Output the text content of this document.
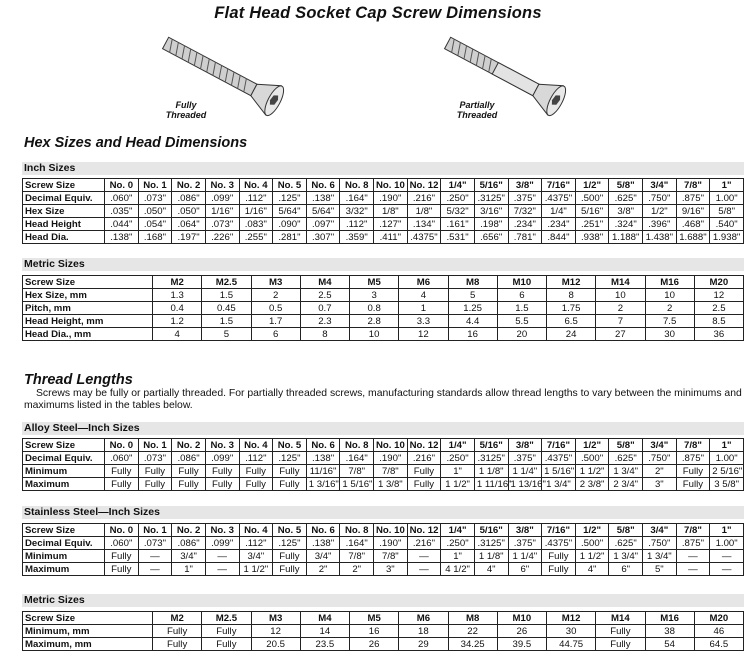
Flat Head Socket Cap Screw Dimensions
Fully Threaded
Partially Threaded
Hex Sizes and Head Dimensions
Inch Sizes
Screw Size	No. 0	No. 1	No. 2	No. 3	No. 4	No. 5	No. 6	No. 8	No. 10	No. 12	1/4"	5/16"	3/8"	7/16"	1/2"	5/8"	3/4"	7/8"	1"
Decimal Equiv.	.060"	.073"	.086"	.099"	.112"	.125"	.138"	.164"	.190"	.216"	.250"	.3125"	.375"	.4375"	.500"	.625"	.750"	.875"	1.00"
Hex Size	.035"	.050"	.050"	1/16"	1/16"	5/64"	5/64"	3/32"	1/8"	1/8"	5/32"	3/16"	7/32"	1/4"	5/16"	3/8"	1/2"	9/16"	5/8"
Head Height	.044"	.054"	.064"	.073"	.083"	.090"	.097"	.112"	.127"	.134"	.161"	.198"	.234"	.234"	.251"	.324"	.396"	.468"	.540"
Head Dia.	.138"	.168"	.197"	.226"	.255"	.281"	.307"	.359"	.411"	.4375"	.531"	.656"	.781"	.844"	.938"	1.188"	1.438"	1.688"	1.938"
Metric Sizes
Screw Size	M2	M2.5	M3	M4	M5	M6	M8	M10	M12	M14	M16	M20
Hex Size, mm	1.3	1.5	2	2.5	3	4	5	6	8	10	10	12
Pitch, mm	0.4	0.45	0.5	0.7	0.8	1	1.25	1.5	1.75	2	2	2.5
Head Height, mm	1.2	1.5	1.7	2.3	2.8	3.3	4.4	5.5	6.5	7	7.5	8.5
Head Dia., mm	4	5	6	8	10	12	16	20	24	27	30	36
Thread Lengths
Screws may be fully or partially threaded. For partially threaded screws, manufacturing standards allow thread lengths to vary between the minimums and maximums listed in the tables below.
Alloy Steel—Inch Sizes
Screw Size	No. 0	No. 1	No. 2	No. 3	No. 4	No. 5	No. 6	No. 8	No. 10	No. 12	1/4"	5/16"	3/8"	7/16"	1/2"	5/8"	3/4"	7/8"	1"
Decimal Equiv.	.060"	.073"	.086"	.099"	.112"	.125"	.138"	.164"	.190"	.216"	.250"	.3125"	.375"	.4375"	.500"	.625"	.750"	.875"	1.00"
Minimum	Fully	Fully	Fully	Fully	Fully	Fully	11/16"	7/8"	7/8"	Fully	1"	1 1/8"	1 1/4"	1 5/16"	1 1/2"	1 3/4"	2"	Fully	2 5/16"
Maximum	Fully	Fully	Fully	Fully	Fully	Fully	1 3/16"	1 5/16"	1 3/8"	Fully	1 1/2"	1 11/16"	1 13/16"	1 3/4"	2 3/8"	2 3/4"	3"	Fully	3 5/8"
Stainless Steel—Inch Sizes
Screw Size	No. 0	No. 1	No. 2	No. 3	No. 4	No. 5	No. 6	No. 8	No. 10	No. 12	1/4"	5/16"	3/8"	7/16"	1/2"	5/8"	3/4"	7/8"	1"
Decimal Equiv.	.060"	.073"	.086"	.099"	.112"	.125"	.138"	.164"	.190"	.216"	.250"	.3125"	.375"	.4375"	.500"	.625"	.750"	.875"	1.00"
Minimum	Fully	—	3/4"	—	3/4"	Fully	3/4"	7/8"	7/8"	—	1"	1 1/8"	1 1/4"	Fully	1 1/2"	1 3/4"	1 3/4"	—	—
Maximum	Fully	—	1"	—	1 1/2"	Fully	2"	2"	3"	—	4 1/2"	4"	6"	Fully	4"	6"	5"	—	—
Metric Sizes
Screw Size	M2	M2.5	M3	M4	M5	M6	M8	M10	M12	M14	M16	M20
Minimum, mm	Fully	Fully	12	14	16	18	22	26	30	Fully	38	46
Maximum, mm	Fully	Fully	20.5	23.5	26	29	34.25	39.5	44.75	Fully	54	64.5
